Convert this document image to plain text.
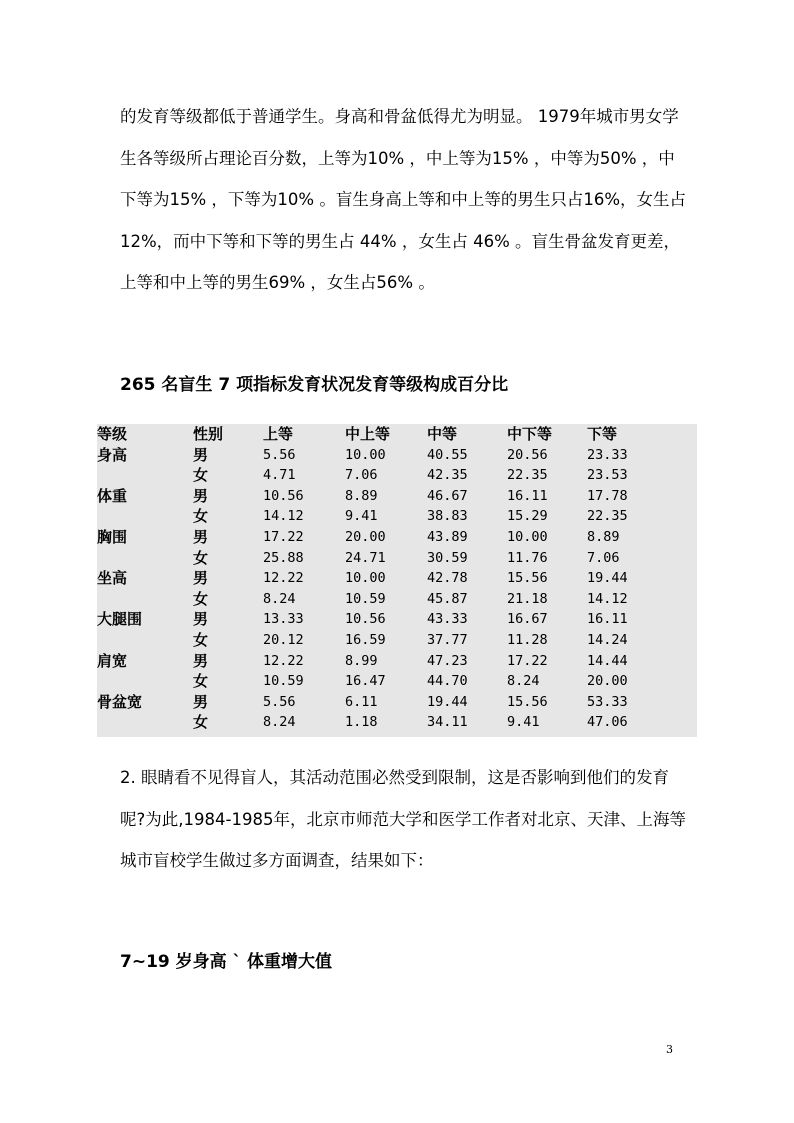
的发育等级都低于普通学生。身高和骨盆低得尤为明显。 1979年城市男女学生各等级所占理论百分数，上等为10% ，中上等为15% ，中等为50% ，中下等为15% ，下等为10% 。盲生身高上等和中上等的男生只占16%，女生占12%，而中下等和下等的男生占 44% ，女生占 46% 。盲生骨盆发育更差，上等和中上等的男生69% ，女生占56% 。

265 名盲生 7 项指标发育状况发育等级构成百分比
等级	性别	上等	中上等	中等	中下等	下等
身高	男	5.56	10.00	40.55	20.56	23.33
	女	4.71	7.06	42.35	22.35	23.53
体重	男	10.56	8.89	46.67	16.11	17.78
	女	14.12	9.41	38.83	15.29	22.35
胸围	男	17.22	20.00	43.89	10.00	8.89
	女	25.88	24.71	30.59	11.76	7.06
坐高	男	12.22	10.00	42.78	15.56	19.44
	女	8.24	10.59	45.87	21.18	14.12
大腿围	男	13.33	10.56	43.33	16.67	16.11
	女	20.12	16.59	37.77	11.28	14.24
肩宽	男	12.22	8.99	47.23	17.22	14.44
	女	10.59	16.47	44.70	8.24	20.00
骨盆宽	男	5.56	6.11	19.44	15.56	53.33
	女	8.24	1.18	34.11	9.41	47.06

2. 眼睛看不见得盲人，其活动范围必然受到限制，这是否影响到他们的发育呢?为此,1984-1985年，北京市师范大学和医学工作者对北京、天津、上海等城市盲校学生做过多方面调查，结果如下：

7~19 岁身高 ` 体重增大值
3
